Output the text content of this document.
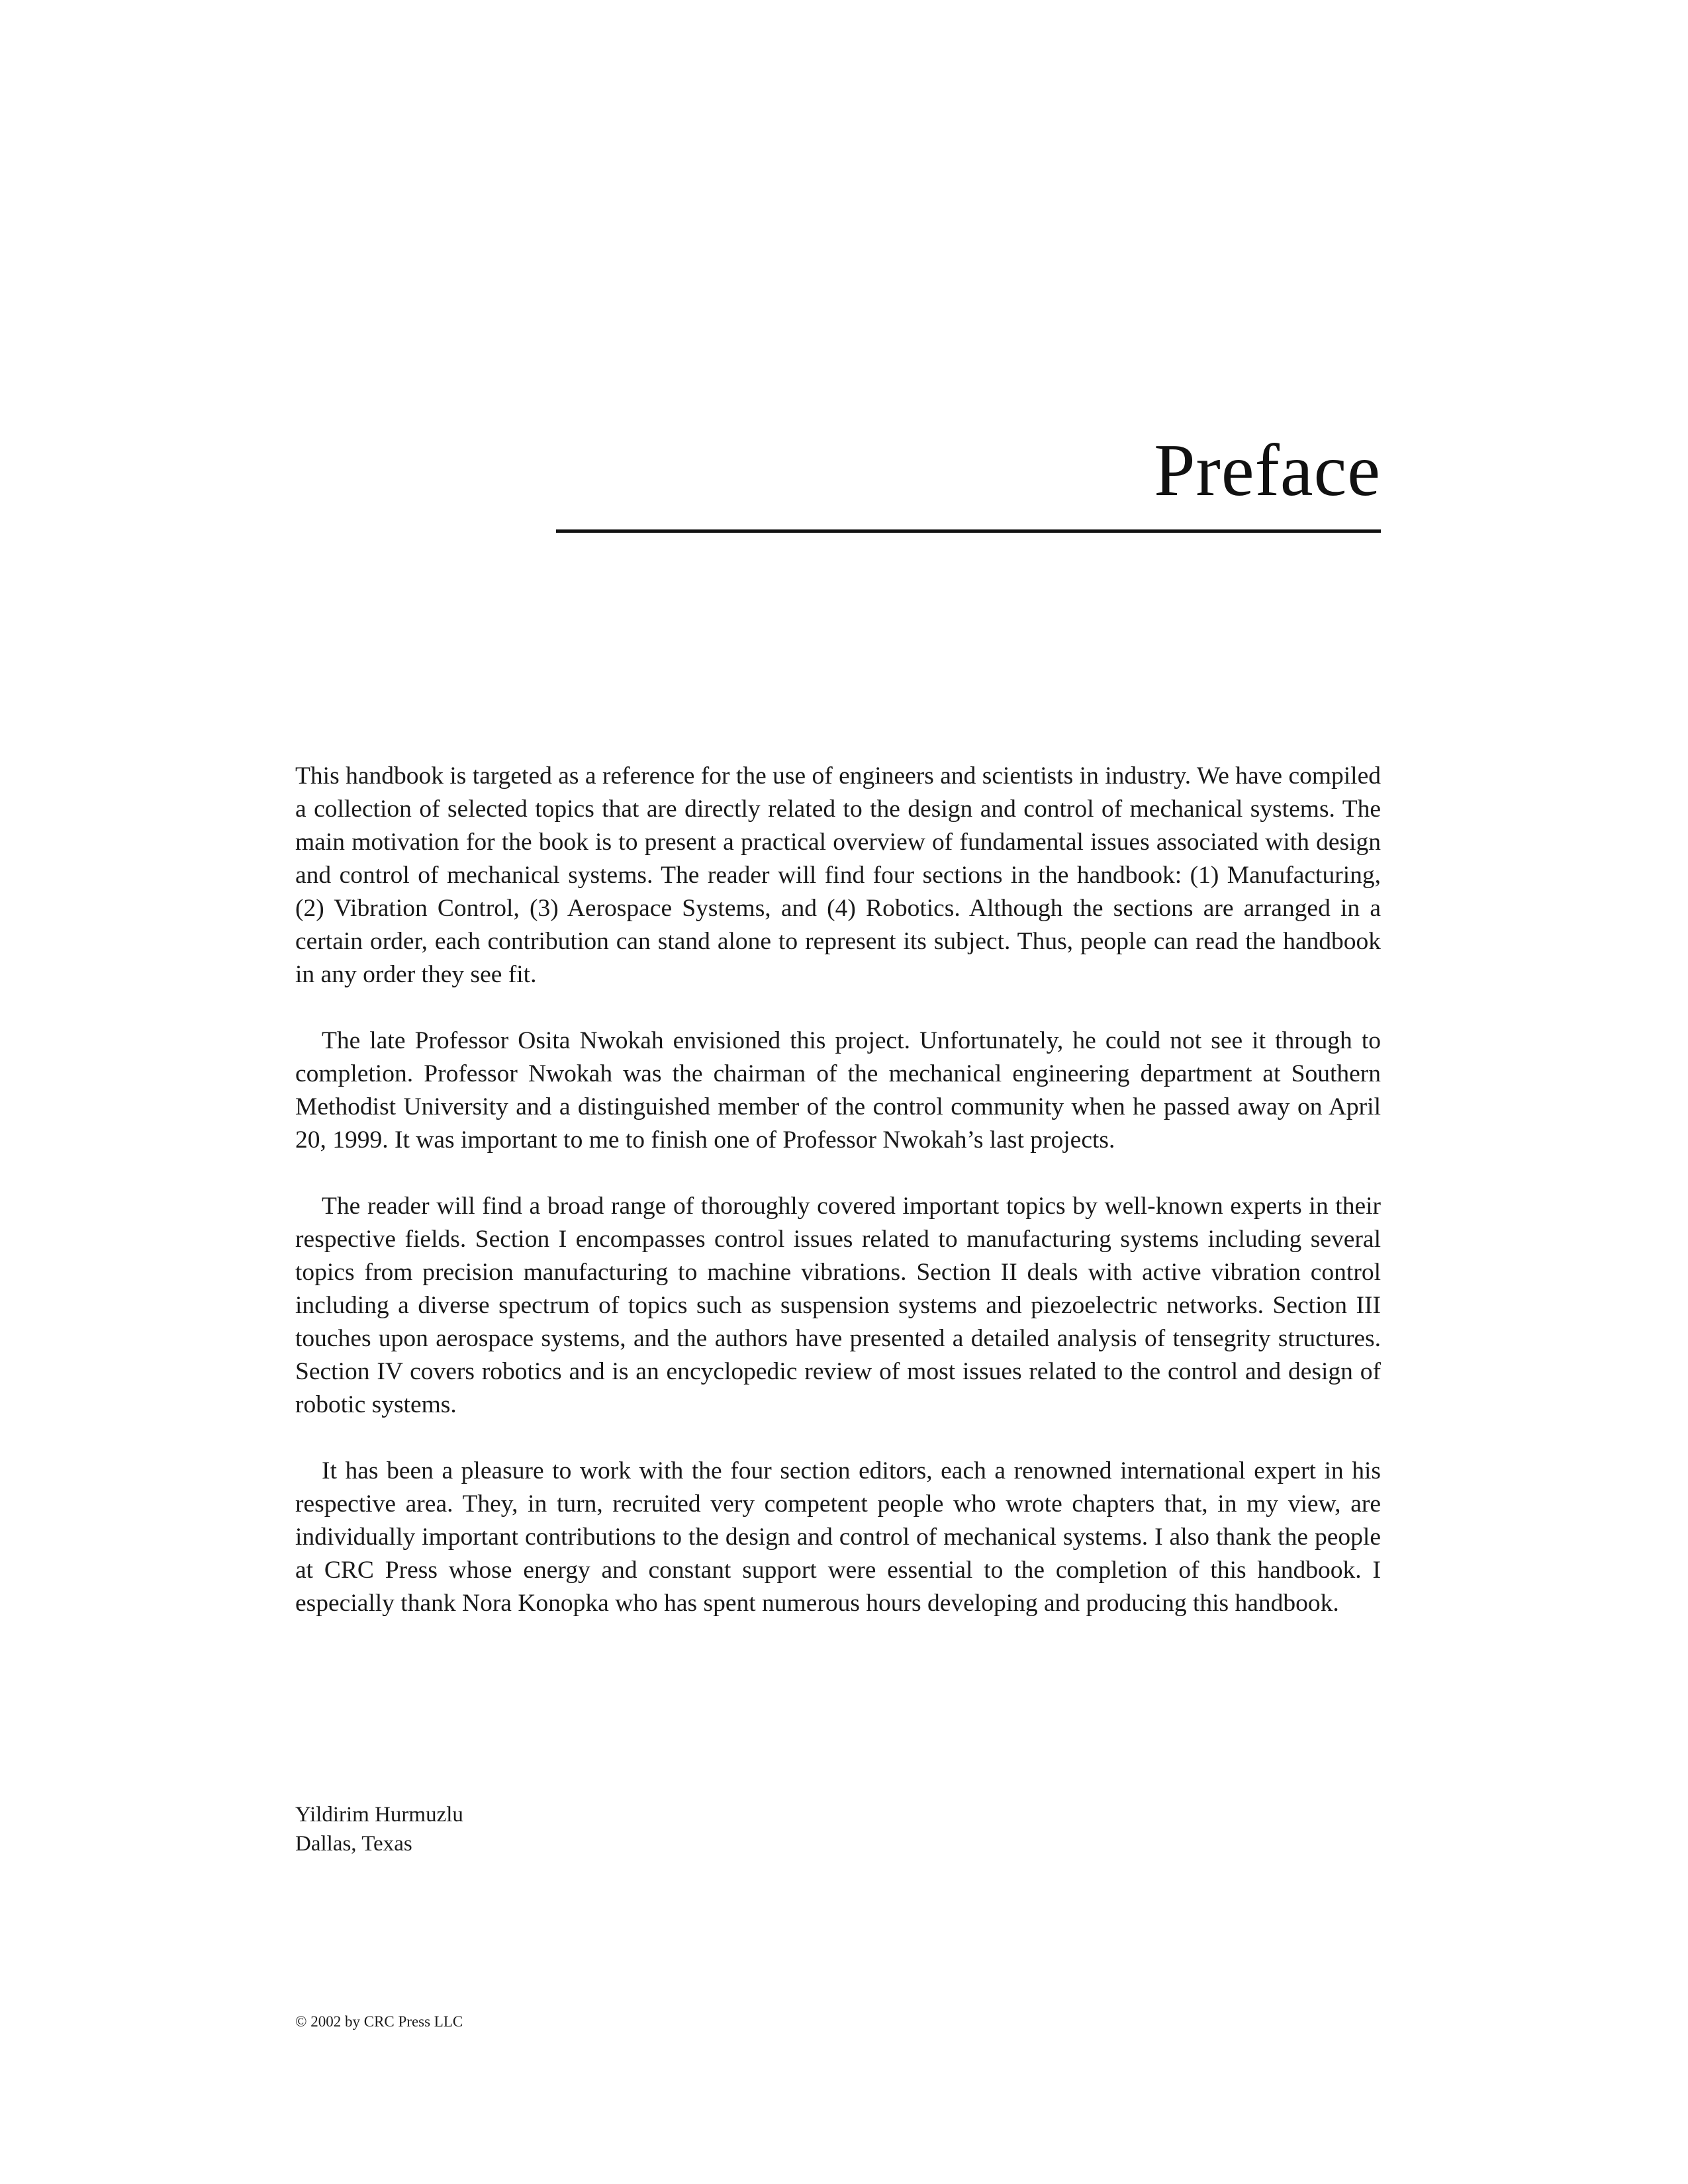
Preface

This handbook is targeted as a reference for the use of engineers and scientists in industry. We have compiled a collection of selected topics that are directly related to the design and control of mechanical systems. The main motivation for the book is to present a practical overview of fundamental issues associated with design and control of mechanical systems. The reader will find four sections in the handbook: (1) Manufacturing, (2) Vibration Control, (3) Aerospace Systems, and (4) Robotics. Although the sections are arranged in a certain order, each contribution can stand alone to represent its subject. Thus, people can read the handbook in any order they see fit.

The late Professor Osita Nwokah envisioned this project. Unfortunately, he could not see it through to completion. Professor Nwokah was the chairman of the mechanical engineering department at Southern Methodist University and a distinguished member of the control community when he passed away on April 20, 1999. It was important to me to finish one of Professor Nwokah’s last projects.

The reader will find a broad range of thoroughly covered important topics by well-known experts in their respective fields. Section I encompasses control issues related to manufacturing systems including several topics from precision manufacturing to machine vibrations. Section II deals with active vibration control including a diverse spectrum of topics such as suspension systems and piezoelectric networks. Section III touches upon aerospace systems, and the authors have presented a detailed analysis of tensegrity structures. Section IV covers robotics and is an encyclopedic review of most issues related to the control and design of robotic systems.

It has been a pleasure to work with the four section editors, each a renowned international expert in his respective area. They, in turn, recruited very competent people who wrote chapters that, in my view, are individually important contributions to the design and control of mechanical systems. I also thank the people at CRC Press whose energy and constant support were essential to the completion of this handbook. I especially thank Nora Konopka who has spent numerous hours developing and producing this handbook.

Yildirim Hurmuzlu
Dallas, Texas
© 2002 by CRC Press LLC
